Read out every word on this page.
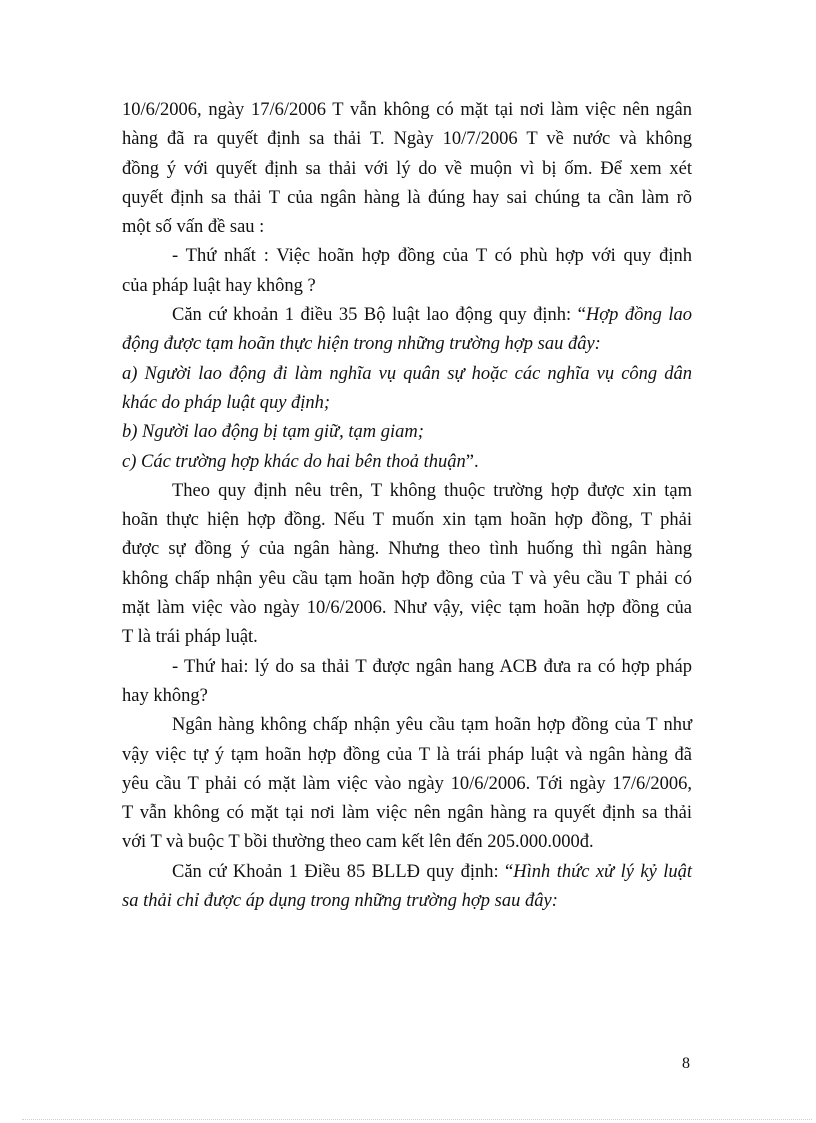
10/6/2006, ngày 17/6/2006 T vẫn không có mặt tại nơi làm việc nên ngân
hàng đã ra quyết định sa thải T. Ngày 10/7/2006 T về nước và không
đồng ý với quyết định sa thải với lý do về muộn vì bị ốm. Để xem xét
quyết định sa thải T của ngân hàng là đúng hay sai chúng ta cần làm rõ
một số vấn đề sau :
- Thứ nhất : Việc hoãn hợp đồng của T có phù hợp với quy định
của pháp luật hay không ?
Căn cứ khoản 1 điều 35 Bộ luật lao động quy định: “Hợp đồng lao
động được tạm hoãn thực hiện trong những trường hợp sau đây:
a) Người lao động đi làm nghĩa vụ quân sự hoặc các nghĩa vụ công dân
khác do pháp luật quy định;
b) Người lao động bị tạm giữ, tạm giam;
c) Các trường hợp khác do hai bên thoả thuận”.
Theo quy định nêu trên, T không thuộc trường hợp được xin tạm
hoãn thực hiện hợp đồng. Nếu T muốn xin tạm hoãn hợp đồng, T phải
được sự đồng ý của ngân hàng. Nhưng theo tình huống thì ngân hàng
không chấp nhận yêu cầu tạm hoãn hợp đồng của T và yêu cầu T phải có
mặt làm việc vào ngày 10/6/2006. Như vậy, việc tạm hoãn hợp đồng của
T là trái pháp luật.
- Thứ hai: lý do sa thải T được ngân hang ACB đưa ra có hợp pháp
hay không?
Ngân hàng không chấp nhận yêu cầu tạm hoãn hợp đồng của T như
vậy việc tự ý tạm hoãn hợp đồng của T là trái pháp luật và ngân hàng đã
yêu cầu T phải có mặt làm việc vào ngày 10/6/2006. Tới ngày 17/6/2006,
T vẫn không có mặt tại nơi làm việc nên ngân hàng ra quyết định sa thải
với T và buộc T bồi thường theo cam kết lên đến 205.000.000đ.
Căn cứ Khoản 1 Điều 85 BLLĐ quy định: “Hình thức xử lý kỷ luật
sa thải chỉ được áp dụng trong những trường hợp sau đây:
8
